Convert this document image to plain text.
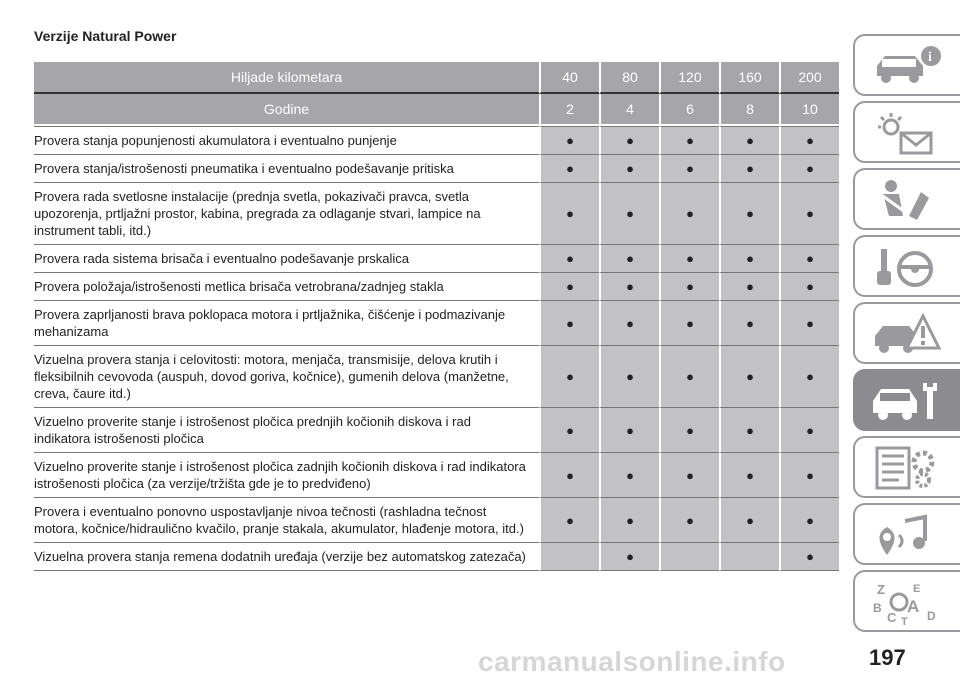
Verzije Natural Power
Hiljade kilometara	40	80	120	160	200
Godine	2	4	6	8	10
Provera stanja popunjenosti akumulatora i eventualno punjenje	●	●	●	●	●
Provera stanja/istrošenosti pneumatika i eventualno podešavanje pritiska	●	●	●	●	●
Provera rada svetlosne instalacije (prednja svetla, pokazivači pravca, svetla upozorenja, prtljažni prostor, kabina, pregrada za odlaganje stvari, lampice na instrument tabli, itd.)	●	●	●	●	●
Provera rada sistema brisača i eventualno podešavanje prskalica	●	●	●	●	●
Provera položaja/istrošenosti metlica brisača vetrobrana/zadnjeg stakla	●	●	●	●	●
Provera zaprljanosti brava poklopaca motora i prtljažnika, čišćenje i podmazivanje mehanizama	●	●	●	●	●
Vizuelna provera stanja i celovitosti: motora, menjača, transmisije, delova krutih i fleksibilnih cevovoda (auspuh, dovod goriva, kočnice), gumenih delova (manžetne, creva, čaure itd.)	●	●	●	●	●
Vizuelno proverite stanje i istrošenost pločica prednjih kočionih diskova i rad indikatora istrošenosti pločica	●	●	●	●	●
Vizuelno proverite stanje i istrošenost pločica zadnjih kočionih diskova i rad indikatora istrošenosti pločica (za verzije/tržišta gde je to predviđeno)	●	●	●	●	●
Provera i eventualno ponovno uspostavljanje nivoa tečnosti (rashladna tečnost motora, kočnice/hidraulično kvačilo, pranje stakala, akumulator, hlađenje motora, itd.)	●	●	●	●	●
Vizuelna provera stanja remena dodatnih uređaja (verzije bez automatskog zatezača)		●			●
i
Z	E
B
C
A D
T
carmanualsonline.info	197
